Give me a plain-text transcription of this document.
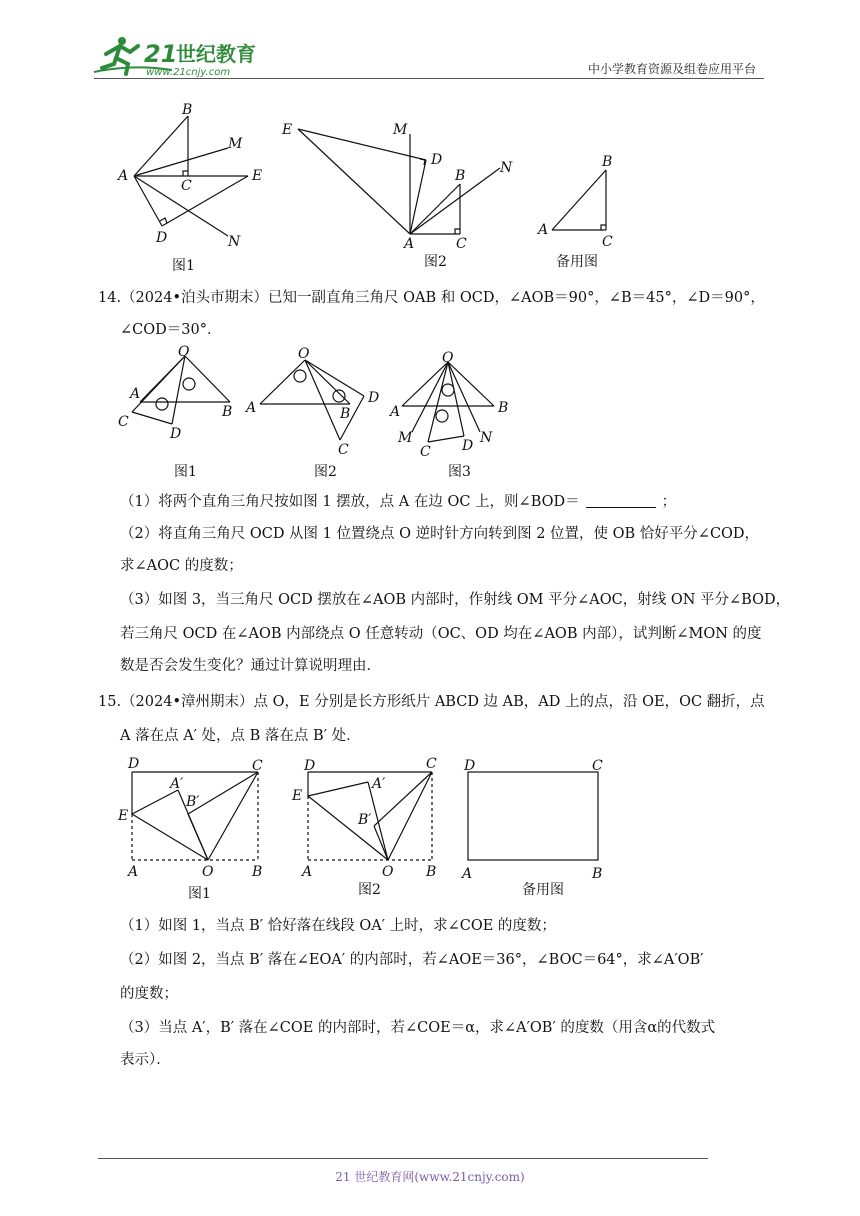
21
世纪教育
www.21cnjy.com	中小学教育资源及组卷应用平台
B
M
A
C
E
D	N
E	M
D	N
B
A	C
B
A
C
图1	图2	备用图
14.（2024•泊头市期末）已知一副直角三角尺 OAB 和 OCD，∠AOB＝90°，∠B＝45°，∠D＝90°，
∠COD＝30°．
O
A
B
C
D
O
D
A	B
C
O
A	B
M	N
C D
图1	图2	图3
（1）将两个直角三角尺按如图 1 摆放，点 A 在边 OC 上，则∠BOD＝	；
（2）将直角三角尺 OCD 从图 1 位置绕点 O 逆时针方向转到图 2 位置，使 OB 恰好平分∠COD，
求∠AOC 的度数；
（3）如图 3，当三角尺 OCD 摆放在∠AOB 内部时，作射线 OM 平分∠AOC，射线 ON 平分∠BOD，
若三角尺 OCD 在∠AOB 内部绕点 O 任意转动（OC、OD 均在∠AOB 内部），试判断∠MON 的度
数是否会发生变化？通过计算说明理由．
15.（2024•漳州期末）点 O，E 分别是长方形纸片 ABCD 边 AB，AD 上的点，沿 OE，OC 翻折，点
A 落在点 A′ 处，点 B 落在点 B′ 处．
D	C
A′
B′
E
A	O	B
D	C
A′
E
B′
A	O B
D	C
A	B
图1	图2	备用图
（1）如图 1，当点 B′ 恰好落在线段 OA′ 上时，求∠COE 的度数；
（2）如图 2，当点 B′ 落在∠EOA′ 的内部时，若∠AOE＝36°，∠BOC＝64°，求∠A′OB′
的度数；
（3）当点 A′，B′ 落在∠COE 的内部时，若∠COE＝α，求∠A′OB′ 的度数（用含α的代数式
表示）．
21 世纪教育网(www.21cnjy.com)
